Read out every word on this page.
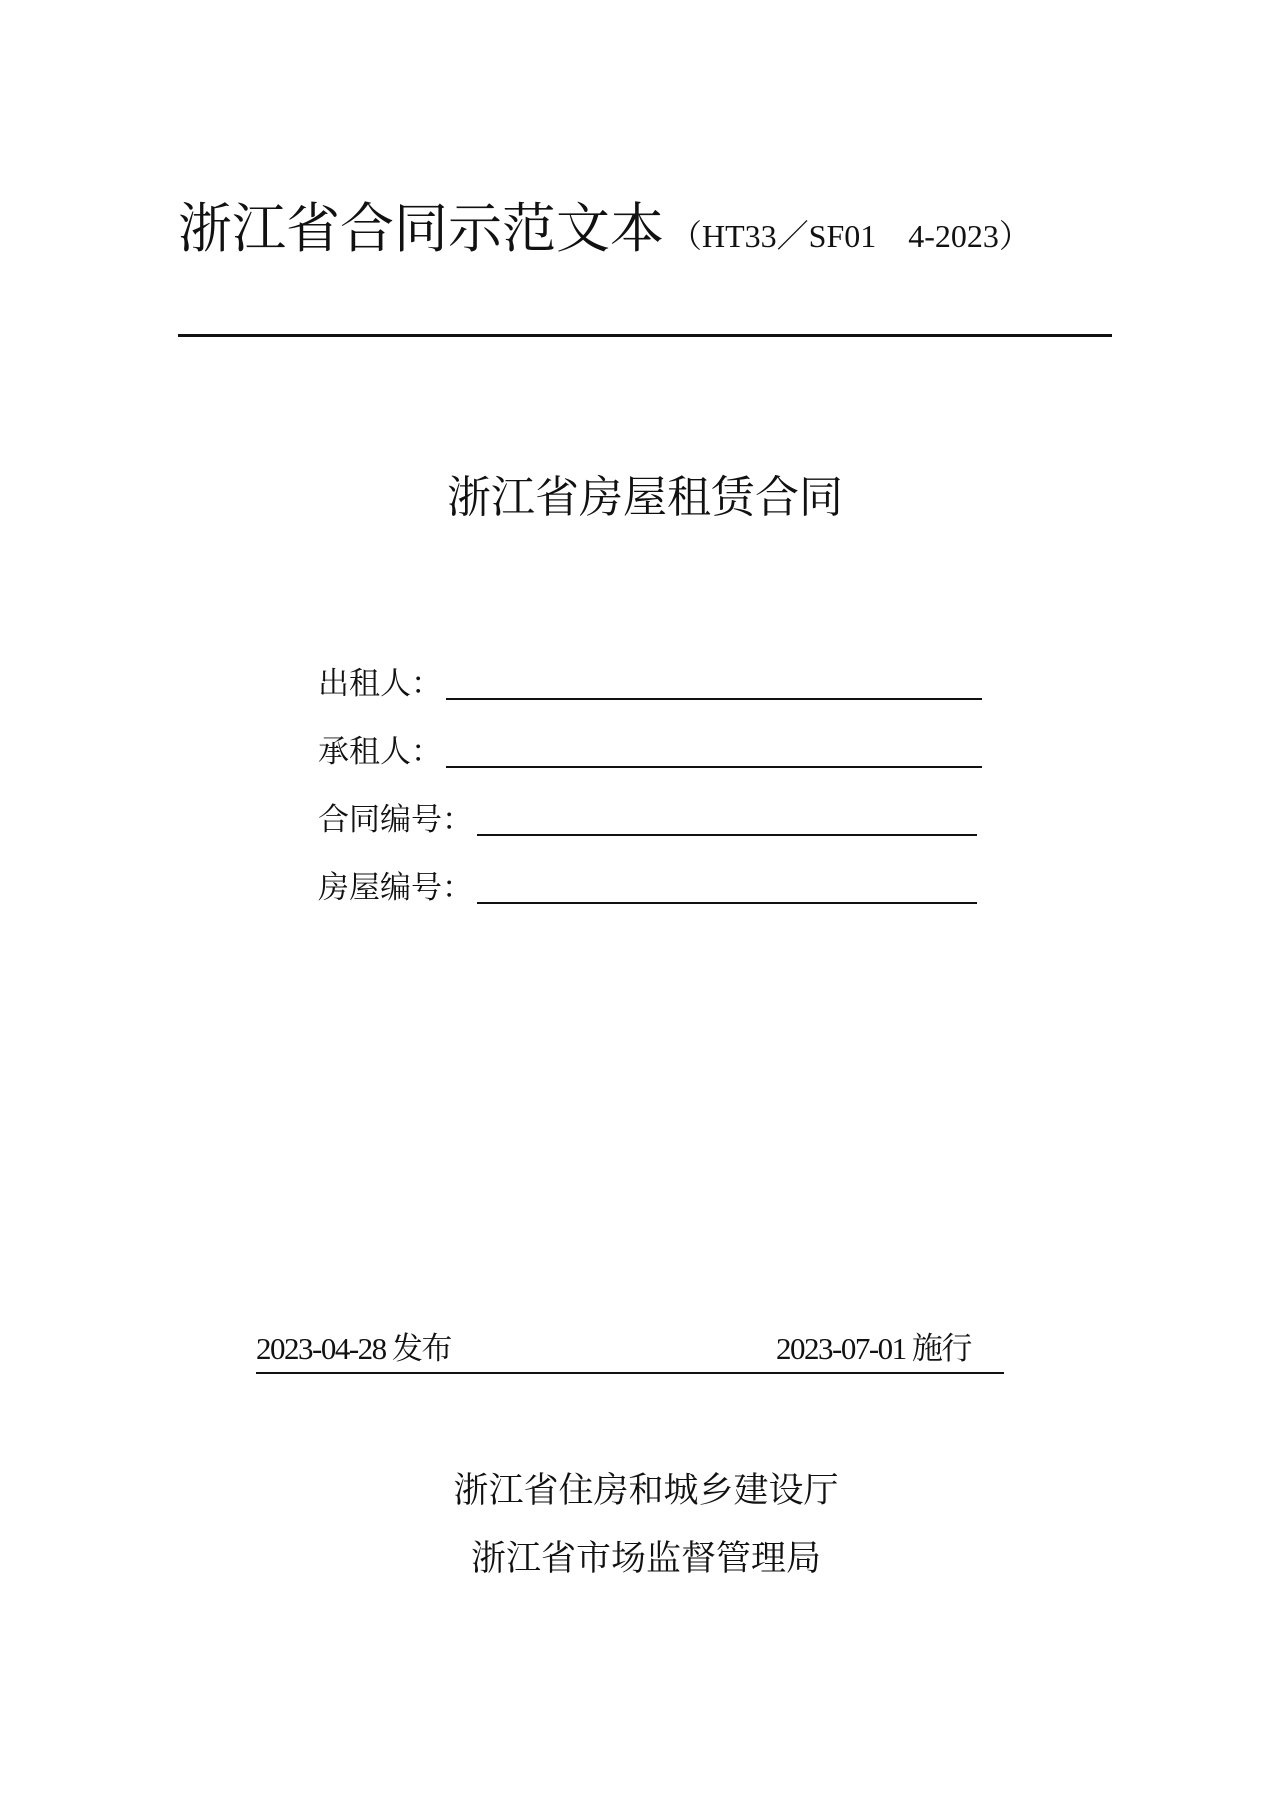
浙江省合同示范文本 （HT33／SF01　4-2023）
浙江省房屋租赁合同
出租人：
承租人：
合同编号：
房屋编号：
2023-04-28 发布	2023-07-01 施行
浙江省住房和城乡建设厅
浙江省市场监督管理局
